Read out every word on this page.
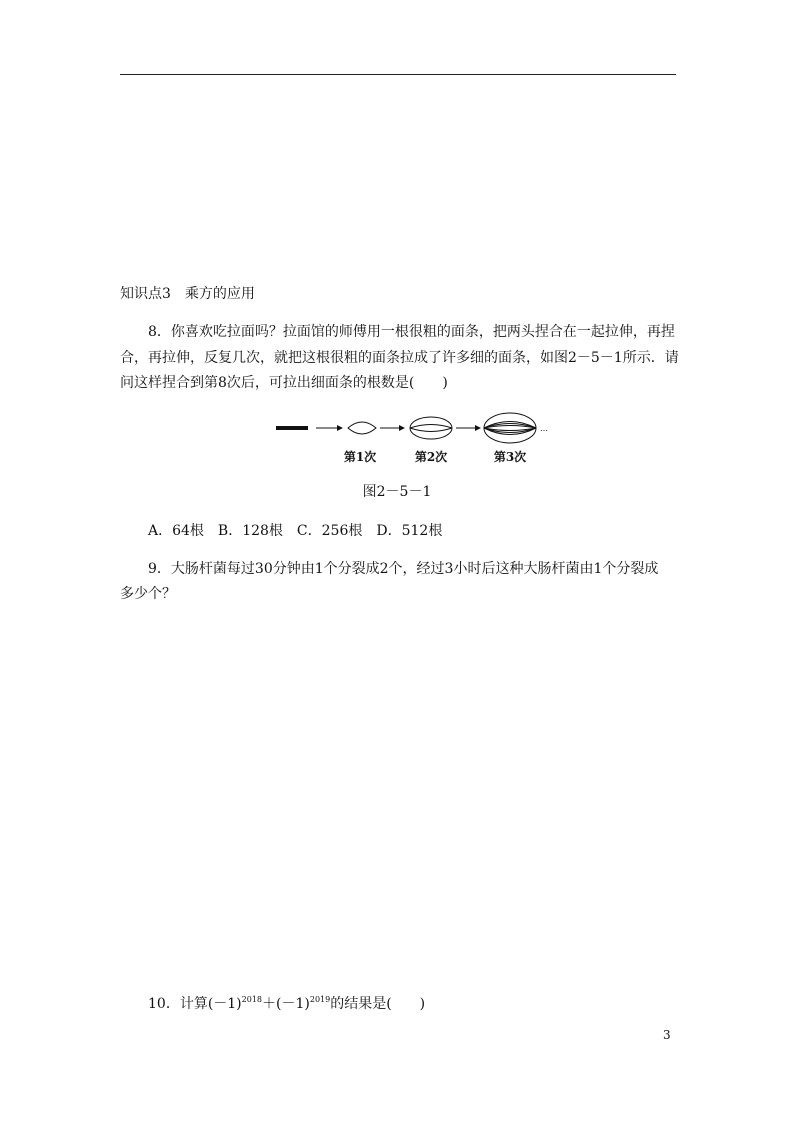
知识点3　乘方的应用
8．你喜欢吃拉面吗？拉面馆的师傅用一根很粗的面条，把两头捏合在一起拉伸，再捏
合，再拉伸，反复几次，就把这根很粗的面条拉成了许多细的面条，如图2－5－1所示．请
问这样捏合到第8次后，可拉出细面条的根数是(　　)
…
第1次	第2次	第3次
图2－5－1
A．64根　B．128根　C．256根　D．512根
9．大肠杆菌每过30分钟由1个分裂成2个，经过3小时后这种大肠杆菌由1个分裂成
多少个？
10．计算$(-1)^{2018}+(-1)^{2019}$的结果是(　　)
3
